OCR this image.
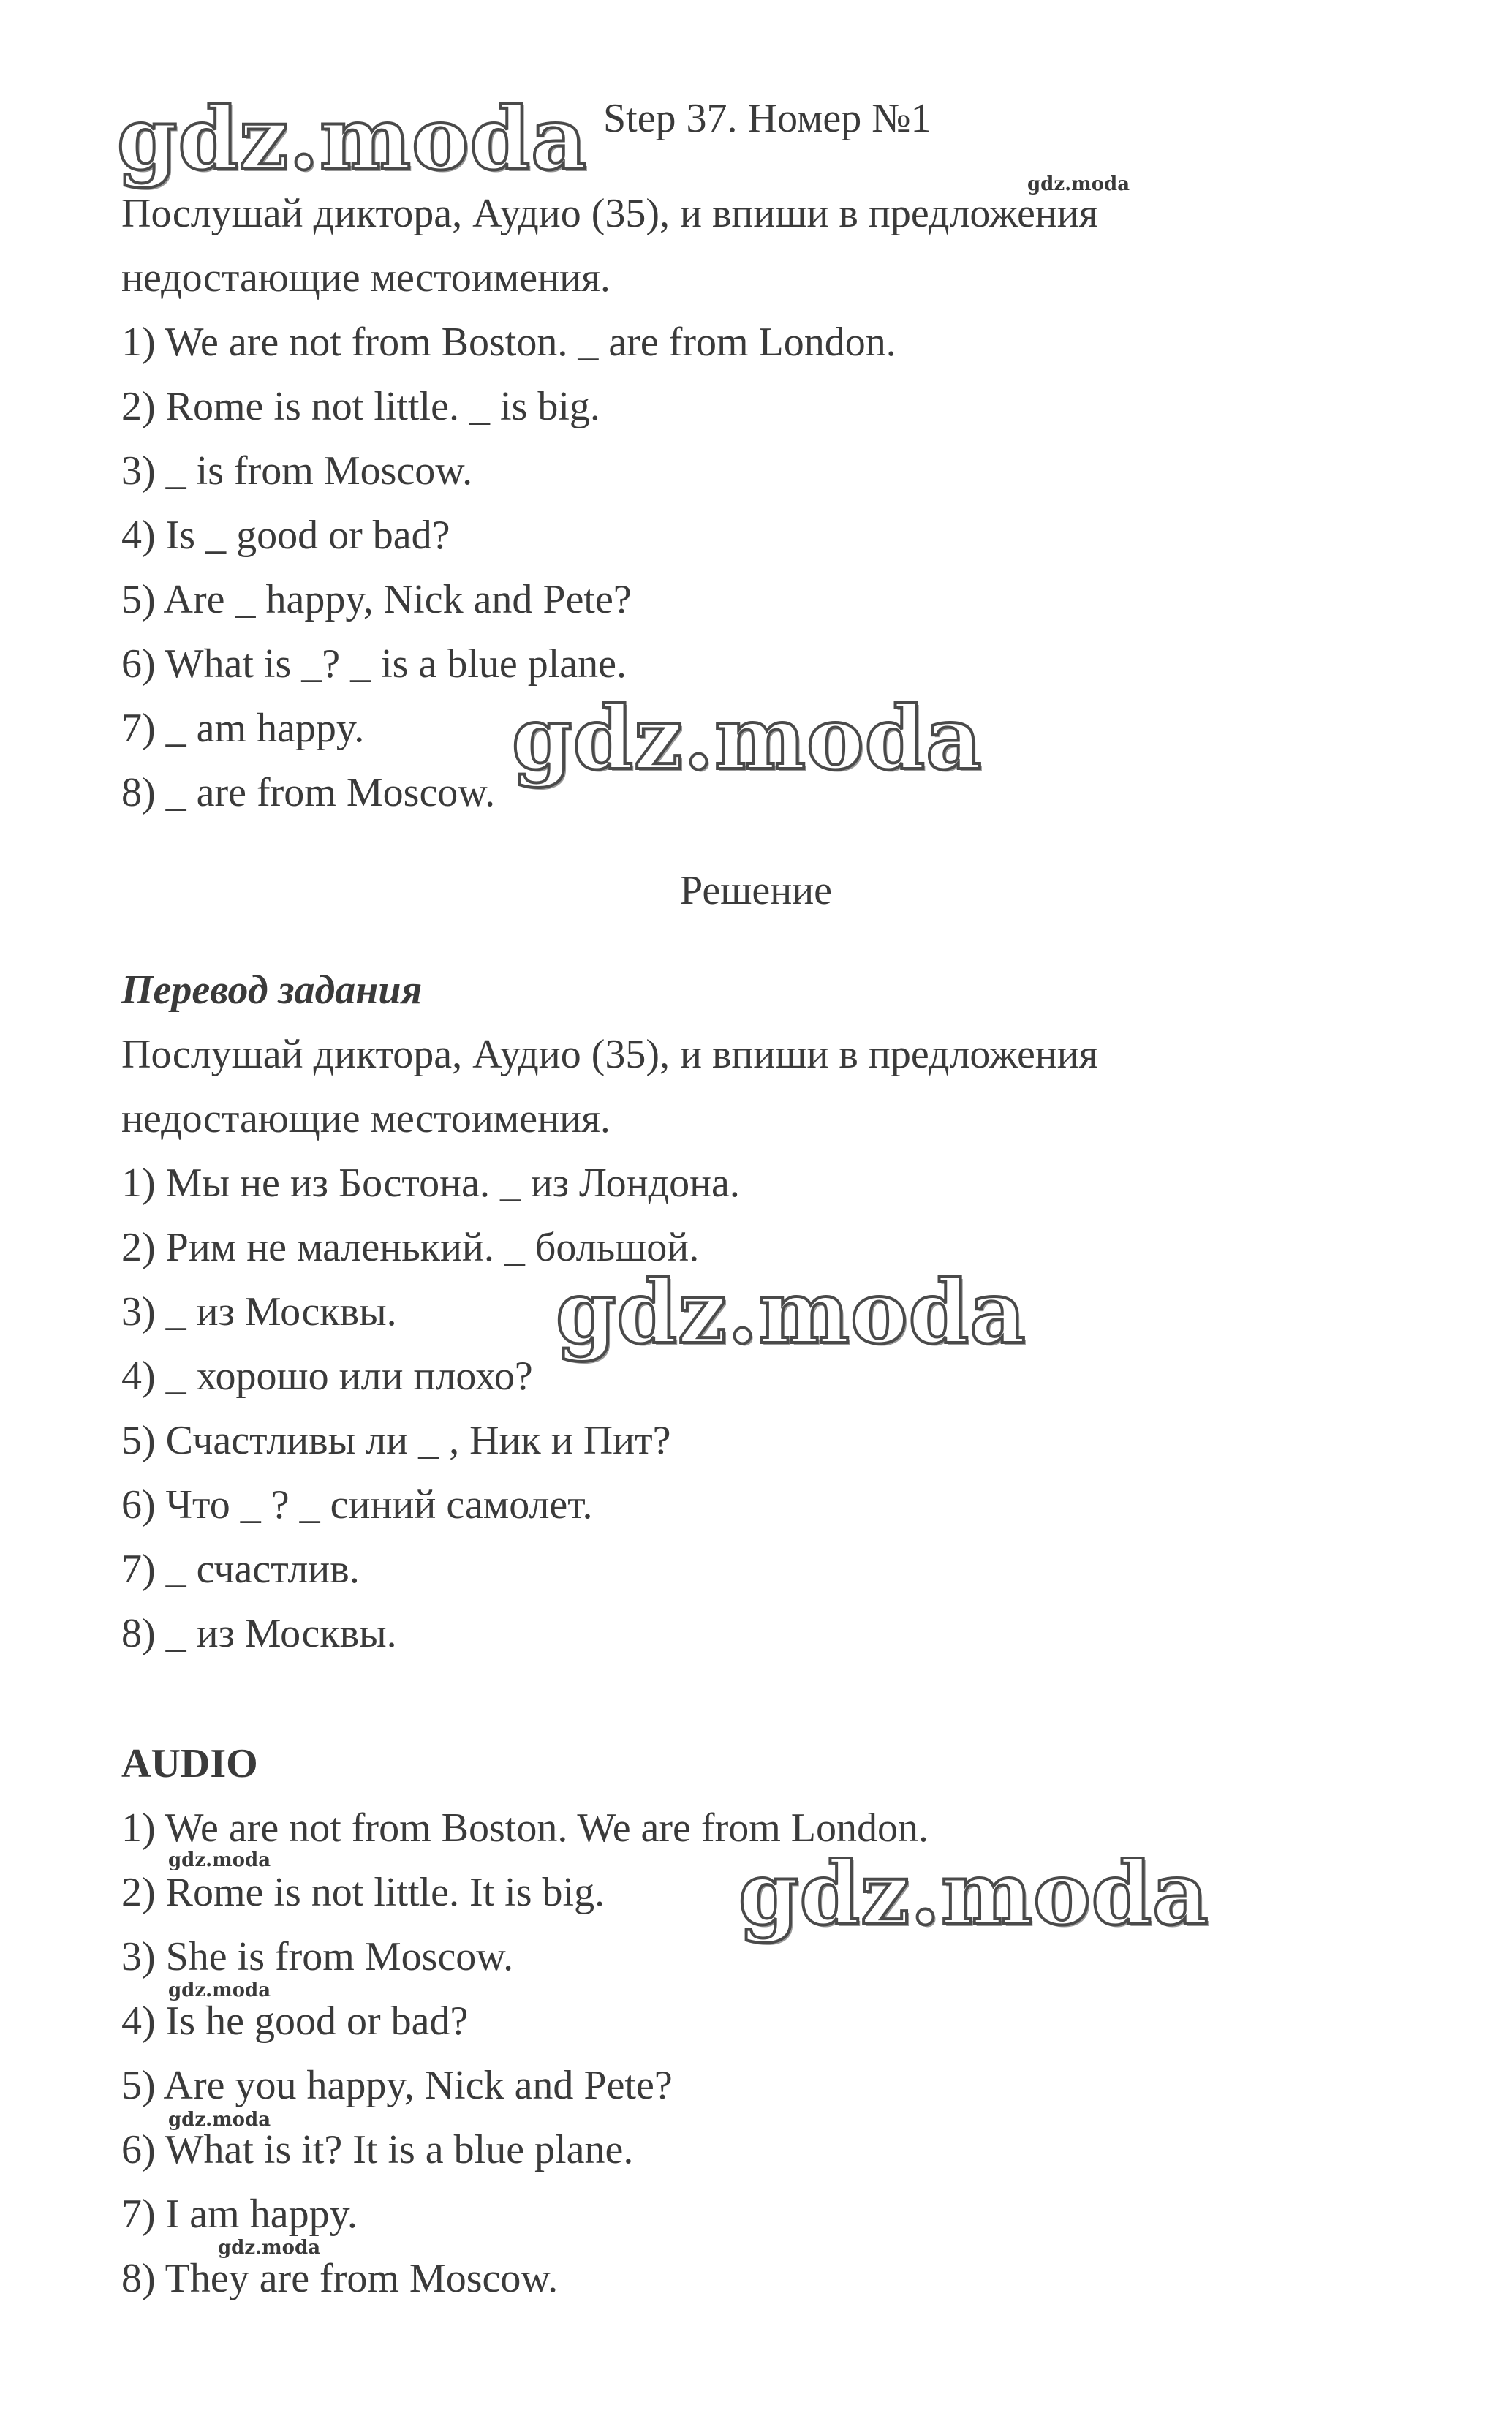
gdz.moda
gdz.moda
gdz.moda
gdz.moda
gdz.moda
gdz.moda
gdz.moda
gdz.moda
gdz.moda
Step 37. Номер №1
Послушай диктора, Аудио (35), и впиши в предложения
недостающие местоимения.
1) We are not from Boston. _ are from London.
2) Rome is not little. _ is big.
3) _ is from Moscow.
4) Is _ good or bad?
5) Are _ happy, Nick and Pete?
6) What is _? _ is a blue plane.
7) _ am happy.
8) _ are from Moscow.
Решение
Перевод задания
Послушай диктора, Аудио (35), и впиши в предложения
недостающие местоимения.
1) Мы не из Бостона. _ из Лондона.
2) Рим не маленький. _ большой.
3) _ из Москвы.
4) _ хорошо или плохо?
5) Счастливы ли _ , Ник и Пит?
6) Что _ ? _ синий самолет.
7) _ счастлив.
8) _ из Москвы.
AUDIO
1) We are not from Boston. We are from London.
2) Rome is not little. It is big.
3) She is from Moscow.
4) Is he good or bad?
5) Are you happy, Nick and Pete?
6) What is it? It is a blue plane.
7) I am happy.
8) They are from Moscow.
